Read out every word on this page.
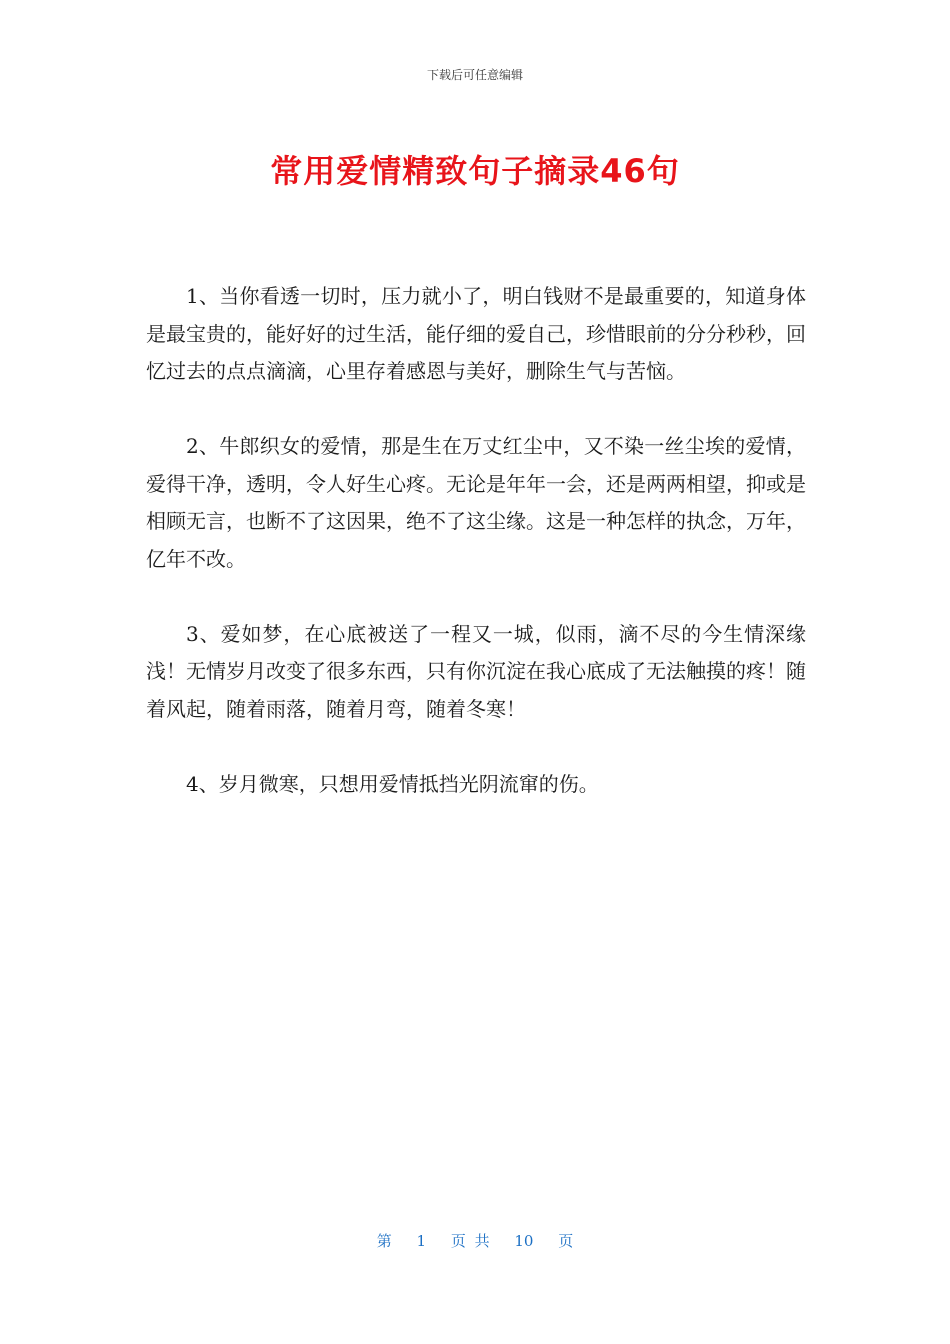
下载后可任意编辑
常用爱情精致句子摘录46句

1、当你看透一切时，压力就小了，明白钱财不是最重要的，知道身体是最宝贵的，能好好的过生活，能仔细的爱自己，珍惜眼前的分分秒秒，回忆过去的点点滴滴，心里存着感恩与美好，删除生气与苦恼。

2、牛郎织女的爱情，那是生在万丈红尘中，又不染一丝尘埃的爱情，爱得干净，透明，令人好生心疼。无论是年年一会，还是两两相望，抑或是相顾无言，也断不了这因果，绝不了这尘缘。这是一种怎样的执念，万年，亿年不改。

3、爱如梦，在心底被送了一程又一城，似雨，滴不尽的今生情深缘浅！无情岁月改变了很多东西，只有你沉淀在我心底成了无法触摸的疼！随着风起，随着雨落，随着月弯，随着冬寒！

4、岁月微寒，只想用爱情抵挡光阴流窜的伤。

第 1 页 共 10 页
